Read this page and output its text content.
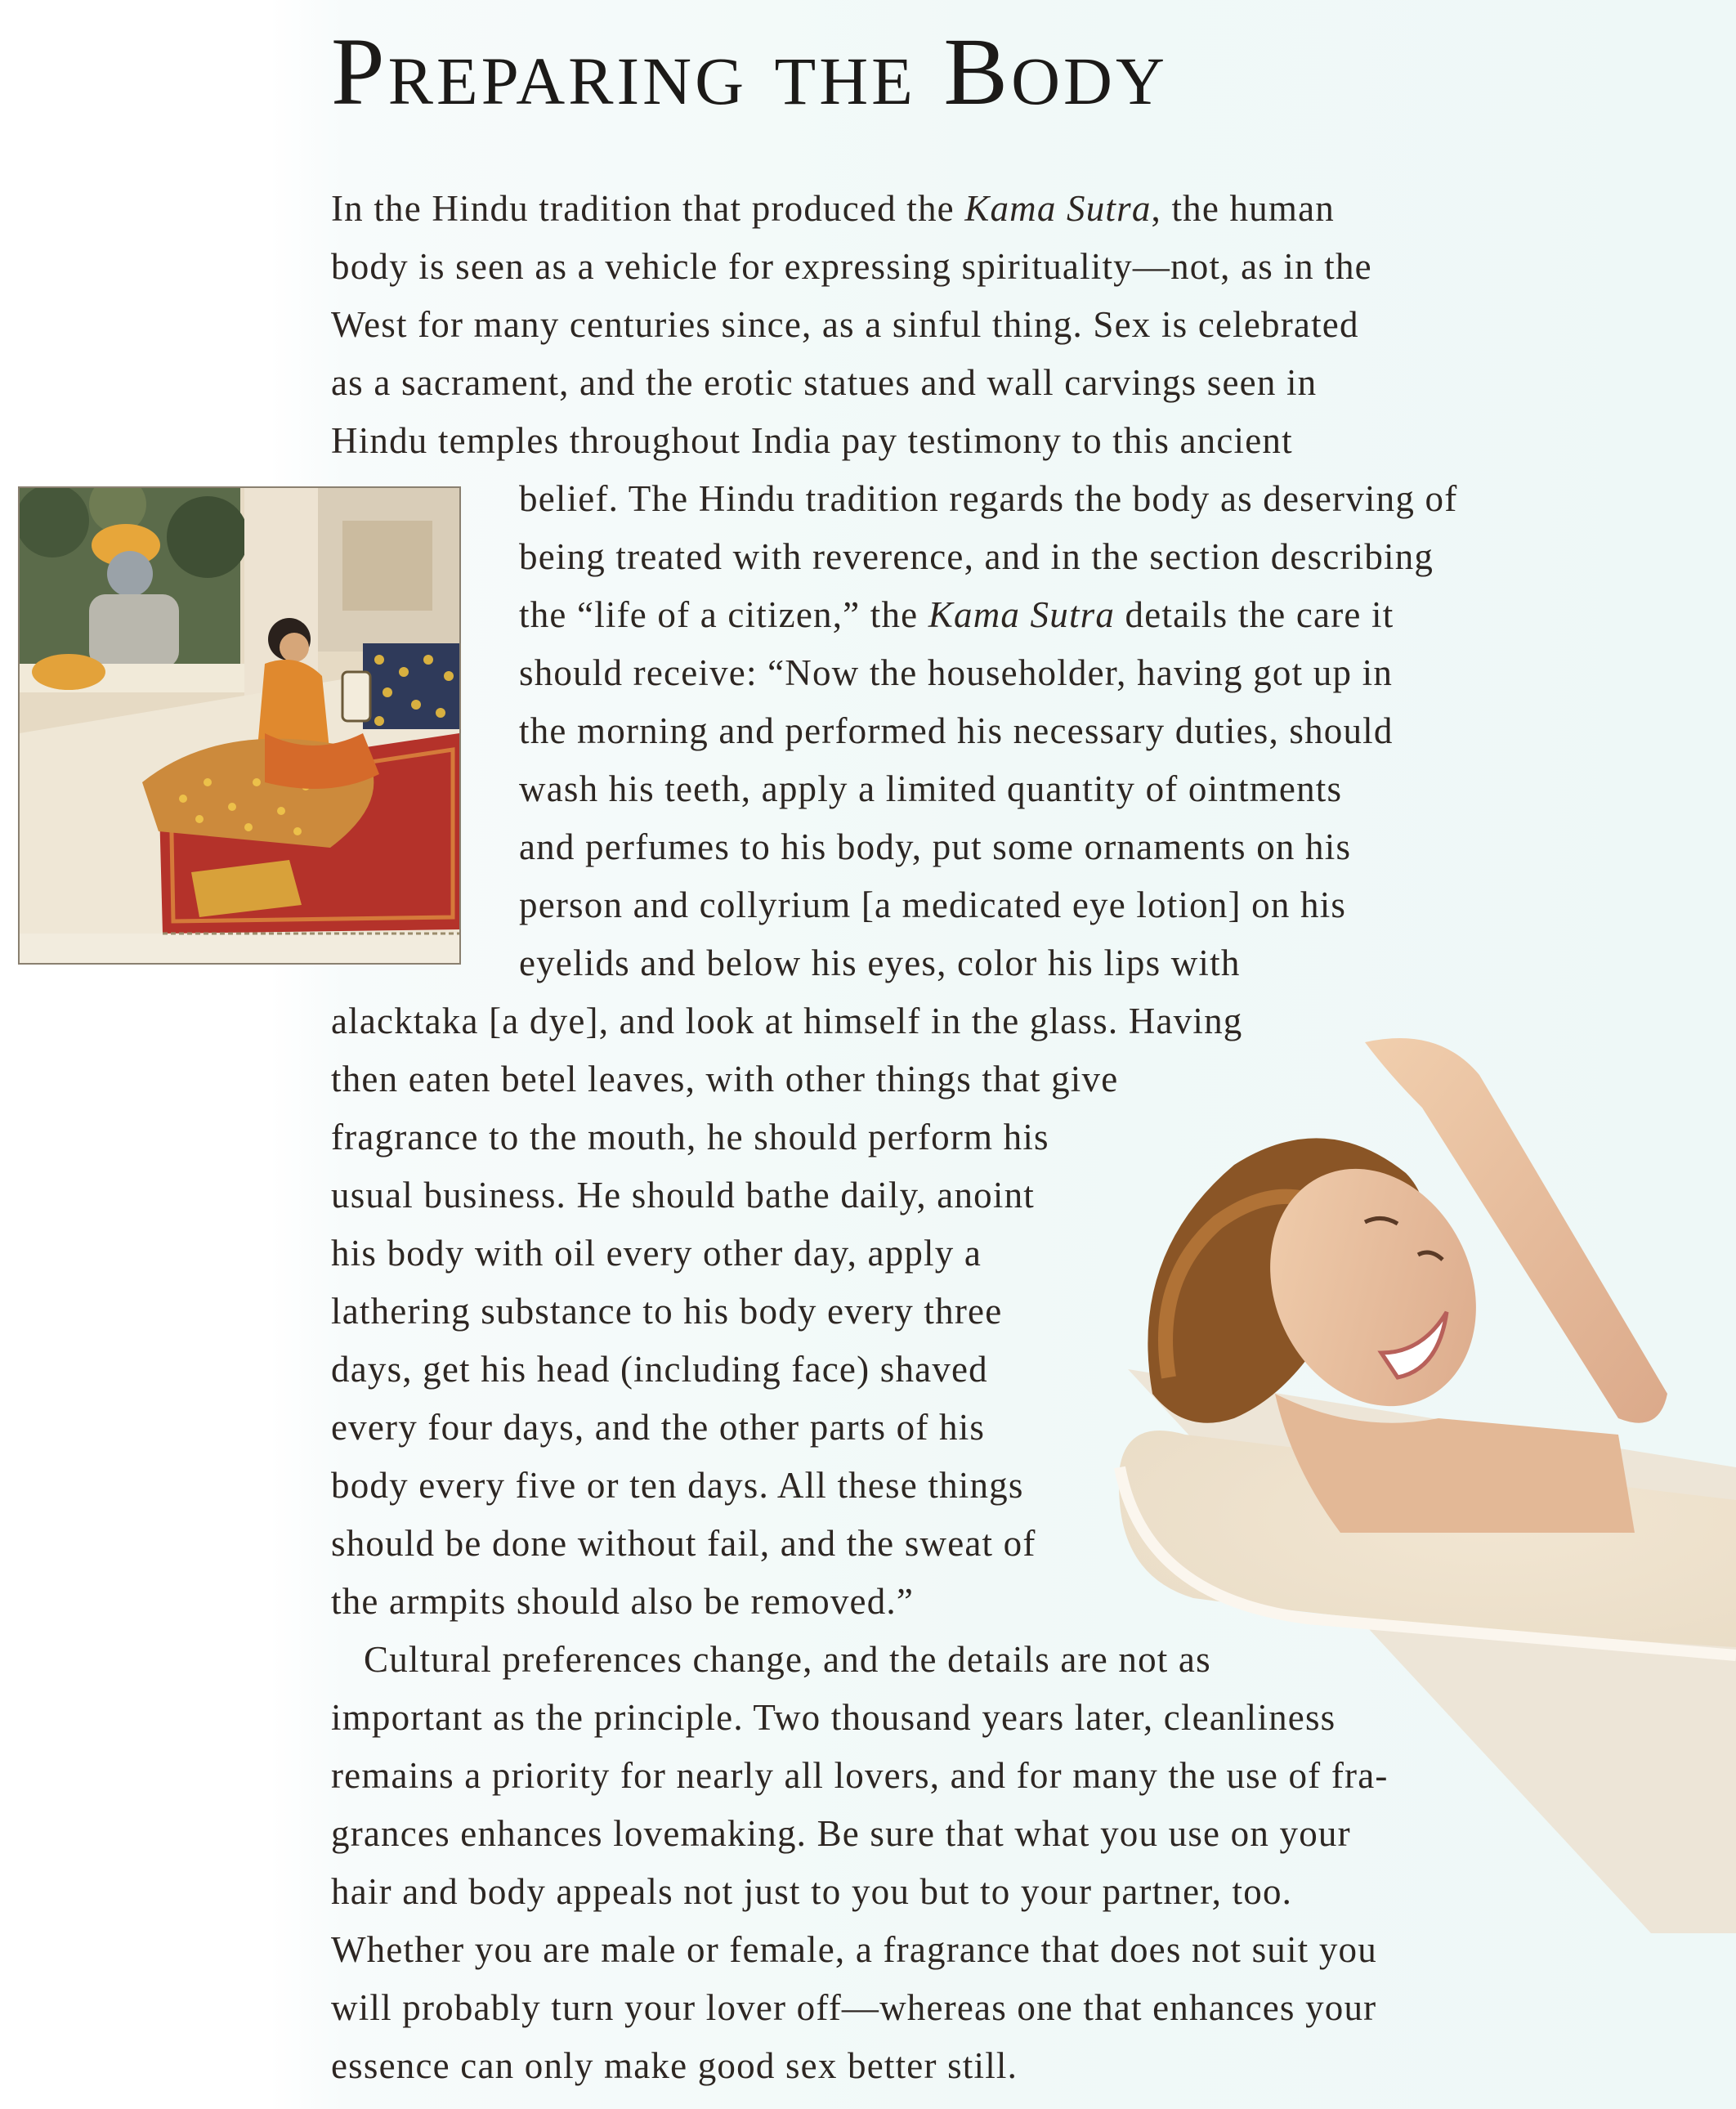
Preparing the Body
In the Hindu tradition that produced the Kama Sutra, the human
body is seen as a vehicle for expressing spirituality—not, as in the
West for many centuries since, as a sinful thing. Sex is celebrated
as a sacrament, and the erotic statues and wall carvings seen in
Hindu temples throughout India pay testimony to this ancient
belief. The Hindu tradition regards the body as deserving of
being treated with reverence, and in the section describing
the “life of a citizen,” the Kama Sutra details the care it
should receive: “Now the householder, having got up in
the morning and performed his necessary duties, should
wash his teeth, apply a limited quantity of ointments
and perfumes to his body, put some ornaments on his
person and collyrium [a medicated eye lotion] on his
eyelids and below his eyes, color his lips with
alacktaka [a dye], and look at himself in the glass. Having
then eaten betel leaves, with other things that give
fragrance to the mouth, he should perform his
usual business. He should bathe daily, anoint
his body with oil every other day, apply a
lathering substance to his body every three
days, get his head (including face) shaved
every four days, and the other parts of his
body every five or ten days. All these things
should be done without fail, and the sweat of
the armpits should also be removed.”
Cultural preferences change, and the details are not as
important as the principle. Two thousand years later, cleanliness
remains a priority for nearly all lovers, and for many the use of fra-
grances enhances lovemaking. Be sure that what you use on your
hair and body appeals not just to you but to your partner, too.
Whether you are male or female, a fragrance that does not suit you
will probably turn your lover off—whereas one that enhances your
essence can only make good sex better still.
